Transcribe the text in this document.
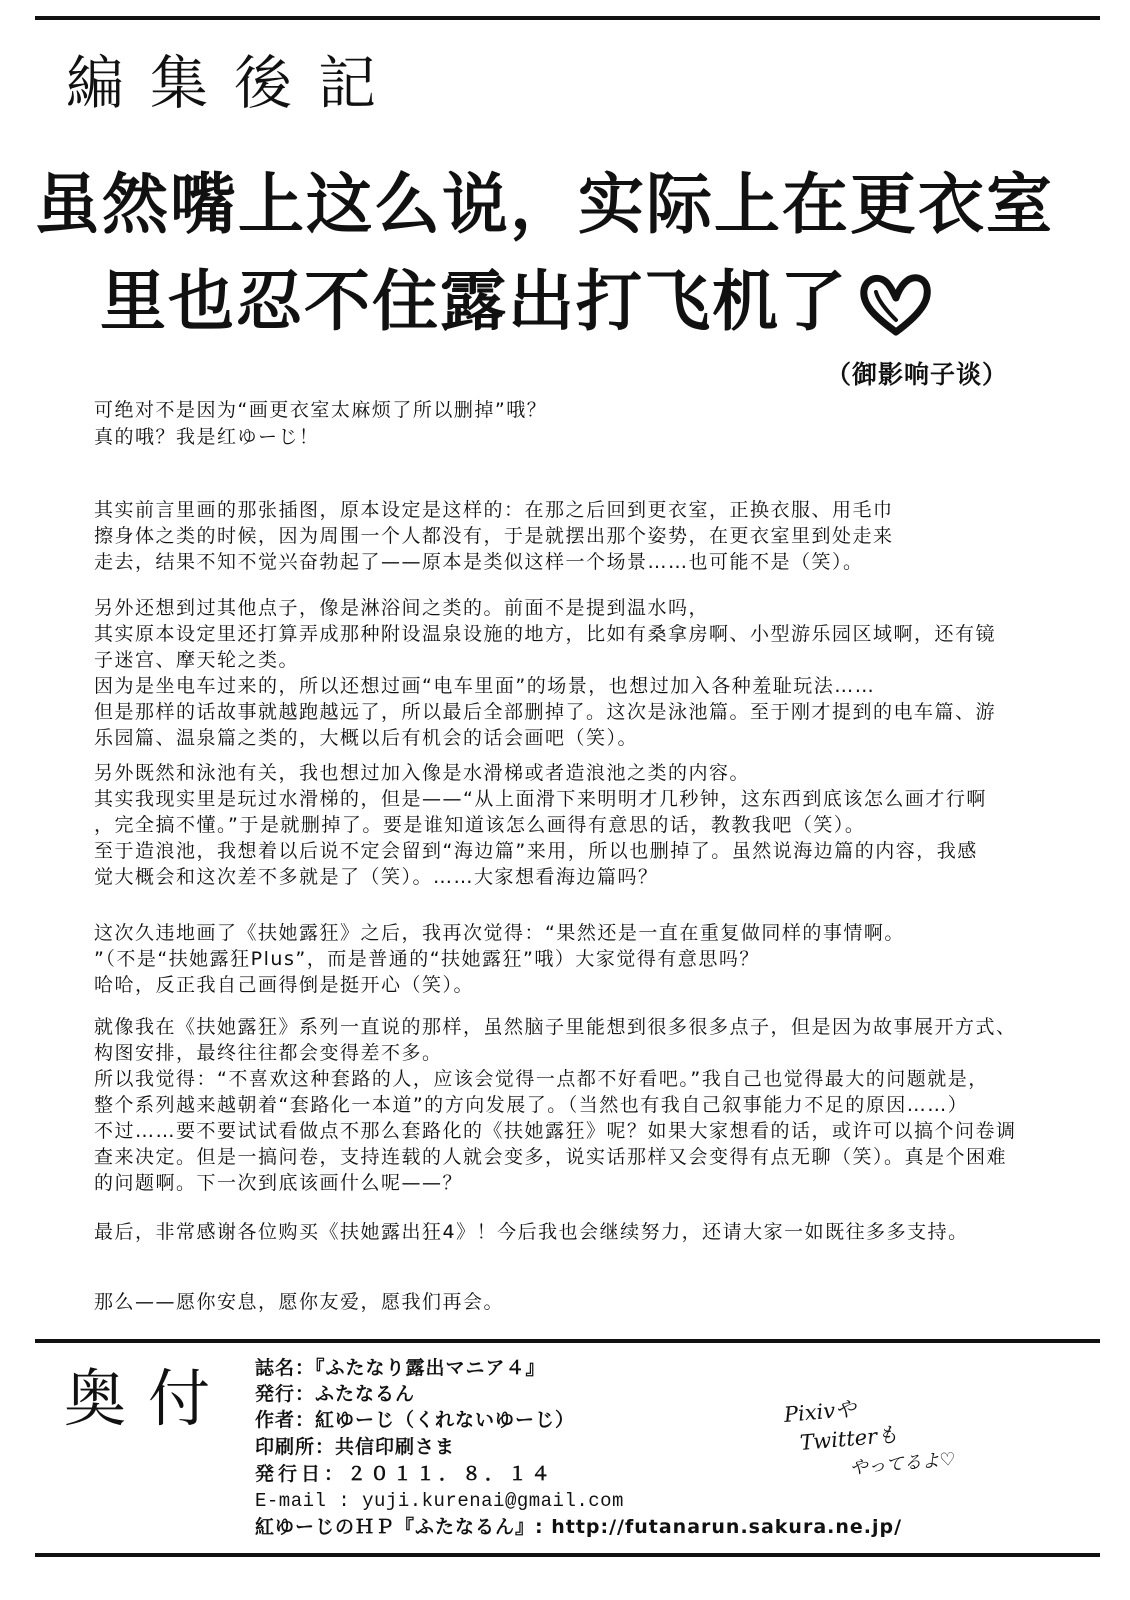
編集後記
虽然嘴上这么说，实际上在更衣室
里也忍不住露出打飞机了
（御影响子谈）
可绝对不是因为“画更衣室太麻烦了所以删掉”哦？
真的哦？我是红ゆーじ！
其实前言里画的那张插图，原本设定是这样的：在那之后回到更衣室，正换衣服、用毛巾
擦身体之类的时候，因为周围一个人都没有，于是就摆出那个姿势，在更衣室里到处走来
走去，结果不知不觉兴奋勃起了——原本是类似这样一个场景……也可能不是（笑）。
另外还想到过其他点子，像是淋浴间之类的。前面不是提到温水吗，
其实原本设定里还打算弄成那种附设温泉设施的地方，比如有桑拿房啊、小型游乐园区域啊，还有镜
子迷宫、摩天轮之类。
因为是坐电车过来的，所以还想过画“电车里面”的场景，也想过加入各种羞耻玩法……
但是那样的话故事就越跑越远了，所以最后全部删掉了。这次是泳池篇。至于刚才提到的电车篇、游
乐园篇、温泉篇之类的，大概以后有机会的话会画吧（笑）。
另外既然和泳池有关，我也想过加入像是水滑梯或者造浪池之类的内容。
其实我现实里是玩过水滑梯的，但是——“从上面滑下来明明才几秒钟，这东西到底该怎么画才行啊
，完全搞不懂。”于是就删掉了。要是谁知道该怎么画得有意思的话，教教我吧（笑）。
至于造浪池，我想着以后说不定会留到“海边篇”来用，所以也删掉了。虽然说海边篇的内容，我感
觉大概会和这次差不多就是了（笑）。……大家想看海边篇吗？
这次久违地画了《扶她露狂》之后，我再次觉得：“果然还是一直在重复做同样的事情啊。
”（不是“扶她露狂Plus”，而是普通的“扶她露狂”哦）大家觉得有意思吗？
哈哈，反正我自己画得倒是挺开心（笑）。
就像我在《扶她露狂》系列一直说的那样，虽然脑子里能想到很多很多点子，但是因为故事展开方式、
构图安排，最终往往都会变得差不多。
所以我觉得：“不喜欢这种套路的人，应该会觉得一点都不好看吧。”我自己也觉得最大的问题就是，
整个系列越来越朝着“套路化一本道”的方向发展了。（当然也有我自己叙事能力不足的原因……）
不过……要不要试试看做点不那么套路化的《扶她露狂》呢？如果大家想看的话，或许可以搞个问卷调
查来决定。但是一搞问卷，支持连载的人就会变多，说实话那样又会变得有点无聊（笑）。真是个困难
的问题啊。下一次到底该画什么呢——？
最后，非常感谢各位购买《扶她露出狂4》！今后我也会继续努力，还请大家一如既往多多支持。
那么——愿你安息，愿你友爱，愿我们再会。
奥付 誌名：『ふたなり露出マニア４』
発行：ふたなるん
作者：紅ゆーじ（くれないゆーじ）
印刷所：共信印刷さま
発行日：２０１１．８．１４
E-mail : yuji.kurenai@gmail.com
紅ゆーじのＨＰ『ふたなるん』: http://futanarun.sakura.ne.jp/
Pixivや
Twitterも
やってるよ♡
